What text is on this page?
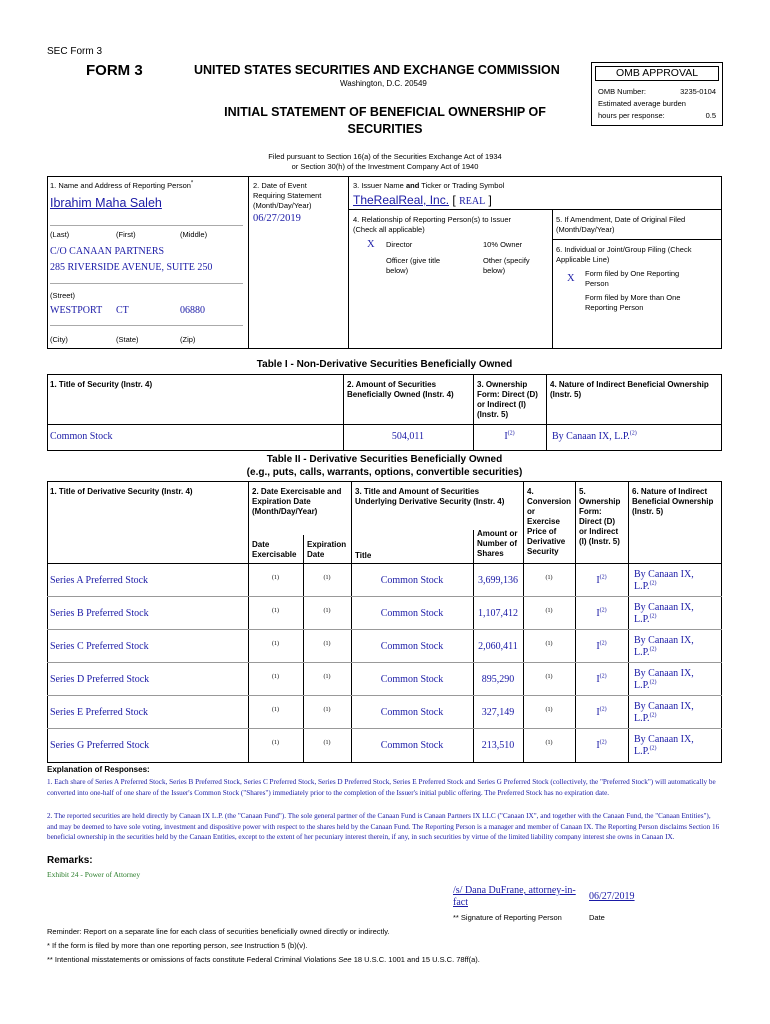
SEC Form 3
FORM 3	UNITED STATES SECURITIES AND EXCHANGE COMMISSION
Washington, D.C. 20549
INITIAL STATEMENT OF BENEFICIAL OWNERSHIP OF
SECURITIES
OMB APPROVAL
OMB Number:	3235-0104
Estimated average burden
hours per response:	0.5
Filed pursuant to Section 16(a) of the Securities Exchange Act of 1934
or Section 30(h) of the Investment Company Act of 1940
1. Name and Address of Reporting Person*
Ibrahim Maha Saleh
(Last)	(First)	(Middle)
C/O CANAAN PARTNERS
285 RIVERSIDE AVENUE, SUITE 250
(Street)
WESTPORT CT	06880
(City)	(State)	(Zip)
2. Date of Event
Requiring Statement
(Month/Day/Year)
06/27/2019
3. Issuer Name and Ticker or Trading Symbol
TheRealReal, Inc. [ REAL ]
4. Relationship of Reporting Person(s) to Issuer
(Check all applicable)
X Director	10% Owner
Officer (give title
below)
Other (specify
below)
5. If Amendment, Date of Original Filed
(Month/Day/Year)
6. Individual or Joint/Group Filing (Check
Applicable Line)
X Form filed by One Reporting
Person
Form filed by More than One
Reporting Person
Table I - Non-Derivative Securities Beneficially Owned
1. Title of Security (Instr. 4)	2. Amount of Securities
Beneficially Owned (Instr. 4)
3. Ownership
Form: Direct (D)
or Indirect (I)
(Instr. 5)
4. Nature of Indirect Beneficial Ownership
(Instr. 5)
Common Stock	504,011	$I^{(2)}$	By Canaan IX, L.P.$^{(2)}$
Table II - Derivative Securities Beneficially Owned
(e.g., puts, calls, warrants, options, convertible securities)
1. Title of Derivative Security (Instr. 4)	2. Date Exercisable and
Expiration Date
(Month/Day/Year)
Date
Exercisable
Expiration
Date
3. Title and Amount of Securities
Underlying Derivative Security (Instr. 4)
Title
Amount or
Number of
Shares
4.
Conversion
or
Exercise
Price of
Derivative
Security
5.
Ownership
Form:
Direct (D)
or Indirect
(I) (Instr. 5)
6. Nature of Indirect
Beneficial Ownership
(Instr. 5)
Series A Preferred Stock	(1)	(1)	Common Stock	3,699,136	(1)	$I^{(2)}$	By Canaan IX,
L.P.$^{(2)}$
Series B Preferred Stock	(1)	(1)	Common Stock	1,107,412	(1)	$I^{(2)}$	By Canaan IX,
L.P.$^{(2)}$
Series C Preferred Stock	(1)	(1)	Common Stock	2,060,411	(1)	$I^{(2)}$	By Canaan IX,
L.P.$^{(2)}$
Series D Preferred Stock	(1)	(1)	Common Stock	895,290	(1)	$I^{(2)}$	By Canaan IX,
L.P.$^{(2)}$
Series E Preferred Stock	(1)	(1)	Common Stock	327,149	(1)	$I^{(2)}$	By Canaan IX,
L.P.$^{(2)}$
Series G Preferred Stock	(1)	(1)	Common Stock	213,510	(1)	$I^{(2)}$	By Canaan IX,
L.P.$^{(2)}$
Explanation of Responses:
1. Each share of Series A Preferred Stock, Series B Preferred Stock, Series C Preferred Stock, Series D Preferred Stock, Series E Preferred Stock and Series G Preferred Stock (collectively, the "Preferred Stock") will automatically be converted into one-half of one share of the Issuer's Common Stock ("Shares") immediately prior to the completion of the Issuer's initial public offering. The Preferred Stock has no expiration date.
2. The reported securities are held directly by Canaan IX L.P. (the "Canaan Fund"). The sole general partner of the Canaan Fund is Canaan Partners IX LLC ("Canaan IX", and together with the Canaan Fund, the "Canaan Entities"), and may be deemed to have sole voting, investment and dispositive power with respect to the shares held by the Canaan Fund. The Reporting Person is a manager and member of Canaan IX. The Reporting Person disclaims Section 16 beneficial ownership in the securities held by the Canaan Entities, except to the extent of her pecuniary interest therein, if any, in such securities by virtue of the limited liability company interest she owns in Canaan IX.
Remarks:
Exhibit 24 - Power of Attorney
/s/ Dana DuFrane, attorney-in-
fact
06/27/2019
** Signature of Reporting Person	Date
Reminder: Report on a separate line for each class of securities beneficially owned directly or indirectly.
* If the form is filed by more than one reporting person, see Instruction 5 (b)(v).
** Intentional misstatements or omissions of facts constitute Federal Criminal Violations See 18 U.S.C. 1001 and 15 U.S.C. 78ff(a).
